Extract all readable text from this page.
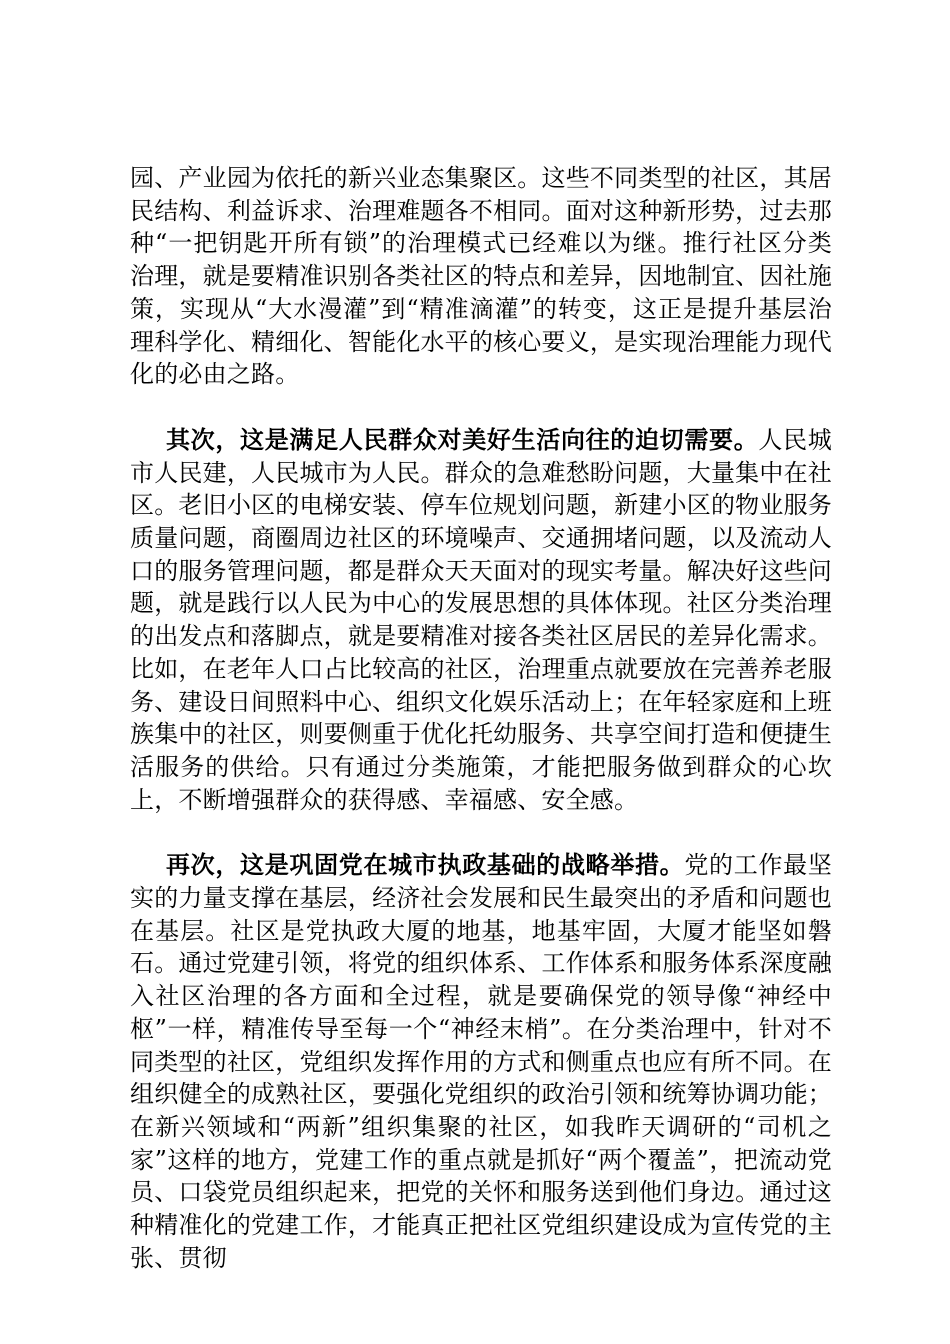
园、产业园为依托的新兴业态集聚区。这些不同类型的社区，其居民结构、利益诉求、治理难题各不相同。面对这种新形势，过去那种“一把钥匙开所有锁”的治理模式已经难以为继。推行社区分类治理，就是要精准识别各类社区的特点和差异，因地制宜、因社施策，实现从“大水漫灌”到“精准滴灌”的转变，这正是提升基层治理科学化、精细化、智能化水平的核心要义，是实现治理能力现代化的必由之路。

其次，这是满足人民群众对美好生活向往的迫切需要。人民城市人民建，人民城市为人民。群众的急难愁盼问题，大量集中在社区。老旧小区的电梯安装、停车位规划问题，新建小区的物业服务质量问题，商圈周边社区的环境噪声、交通拥堵问题，以及流动人口的服务管理问题，都是群众天天面对的现实考量。解决好这些问题，就是践行以人民为中心的发展思想的具体体现。社区分类治理的出发点和落脚点，就是要精准对接各类社区居民的差异化需求。比如，在老年人口占比较高的社区，治理重点就要放在完善养老服务、建设日间照料中心、组织文化娱乐活动上；在年轻家庭和上班族集中的社区，则要侧重于优化托幼服务、共享空间打造和便捷生活服务的供给。只有通过分类施策，才能把服务做到群众的心坎上，不断增强群众的获得感、幸福感、安全感。

再次，这是巩固党在城市执政基础的战略举措。党的工作最坚实的力量支撑在基层，经济社会发展和民生最突出的矛盾和问题也在基层。社区是党执政大厦的地基，地基牢固，大厦才能坚如磐石。通过党建引领，将党的组织体系、工作体系和服务体系深度融入社区治理的各方面和全过程，就是要确保党的领导像“神经中枢”一样，精准传导至每一个“神经末梢”。在分类治理中，针对不同类型的社区，党组织发挥作用的方式和侧重点也应有所不同。在组织健全的成熟社区，要强化党组织的政治引领和统筹协调功能；在新兴领域和“两新”组织集聚的社区，如我昨天调研的“司机之家”这样的地方，党建工作的重点就是抓好“两个覆盖”，把流动党员、口袋党员组织起来，把党的关怀和服务送到他们身边。通过这种精准化的党建工作，才能真正把社区党组织建设成为宣传党的主张、贯彻
